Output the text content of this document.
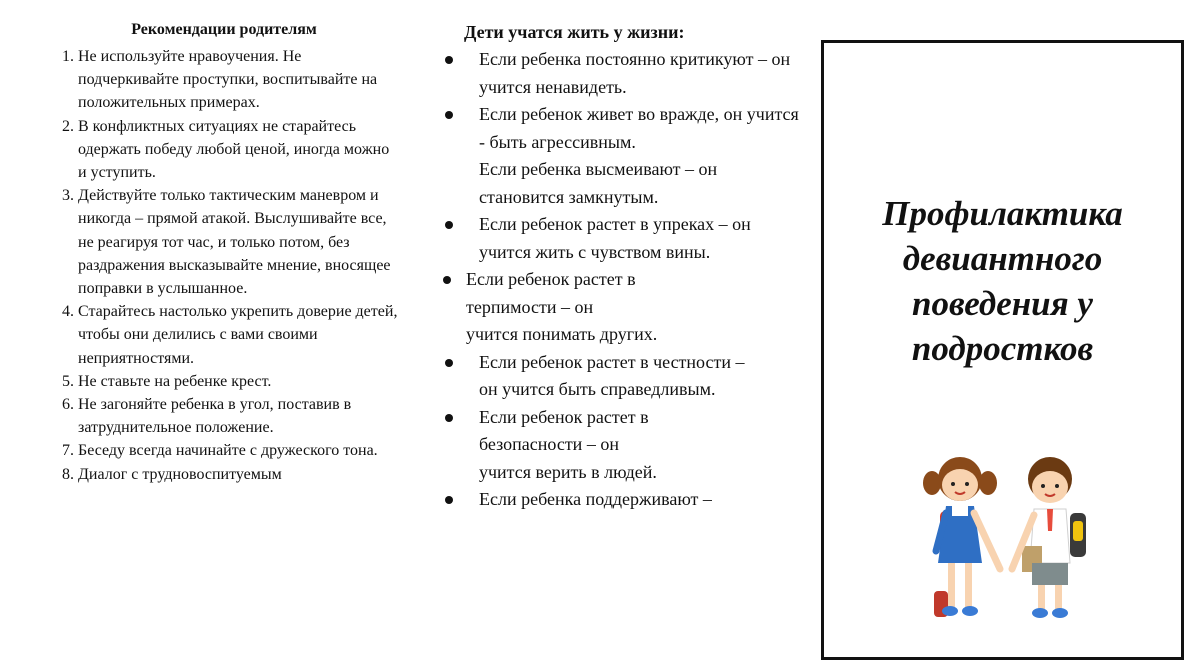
Рекомендации родителям
1. Не используйте нравоучения. Не подчеркивайте проступки, воспитывайте на положительных примерах.
2. В конфликтных ситуациях не старайтесь одержать победу любой ценой, иногда можно и уступить.
3. Действуйте только тактическим маневром и никогда – прямой атакой. Выслушивайте все, не реагируя тот час, и только потом, без раздражения высказывайте мнение, вносящее поправки в услышанное.
4. Старайтесь настолько укрепить доверие детей, чтобы они делились с вами своими неприятностями.
5. Не ставьте на ребенке крест.
6. Не загоняйте ребенка в угол, поставив в затруднительное положение.
7. Беседу всегда начинайте с дружеского тона.
8. Диалог с трудновоспитуемым
Дети учатся жить у жизни:

Если ребенка постоянно критикуют – он учится ненавидеть.

Если ребенок живет во вражде, он учится - быть агрессивным.

Если ребенка высмеивают – он становится замкнутым.

Если ребенок растет в упреках – он учится жить с чувством вины.

Если ребенок растет в терпимости – он

учится понимать других.

Если ребенок растет в честности – он учится быть справедливым.

Если ребенок растет в безопасности – он

учится верить в людей.

Если ребенка поддерживают –

Профилактика
девиантного
поведения у
подростков
